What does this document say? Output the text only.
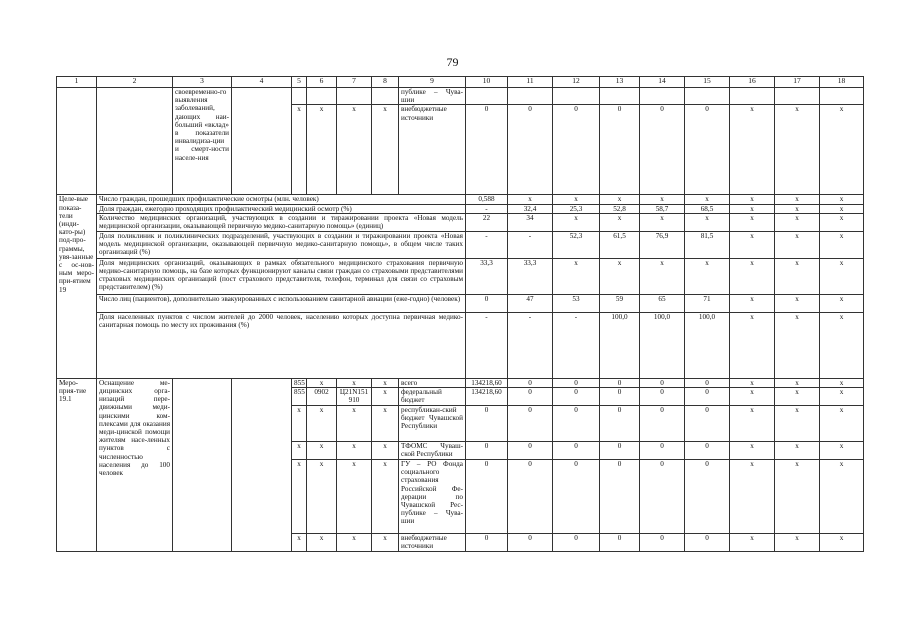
79
1	2	3	4	5	6	7	8	9	10	11	12	13	14	15	16	17	18
		своевременно-го выявления заболеваний, дающих наи-больший «вклад» в показатели инвалидиза-ции и смерт-ности населе-ния						публике – Чува-шии									
				x	x	x	x	внебюджетные источники	0	0	0	0	0	0	x	x	x
Целе-вые показа-тели (инди-като-ры) под-про-граммы, увя-занные с ос-нов-ным меро-при-ятием 19	Число граждан, прошедших профилактические осмотры (млн. человек)								0,588	x	x	x	x	x	x	x	x
	Доля граждан, ежегодно проходящих профилактический медицинский осмотр (%)								-	32,4	25,3	52,8	58,7	68,5	x	x	x
	Количество медицинских организаций, участвующих в создании и тиражировании проекта «Новая модель медицинской организации, оказывающей первичную медико-санитарную помощь» (единиц)								22	34	x	x	x	x	x	x	x
	Доля поликлиник и поликлинических подразделений, участвующих в создании и тиражировании проекта «Новая модель медицинской организации, оказывающей первичную медико-санитарную помощь», в общем числе таких организаций (%)								-	-	52,3	61,5	76,9	81,5	x	x	x
	Доля медицинских организаций, оказывающих в рамках обязательного медицинского страхования первичную медико-санитарную помощь, на базе которых функционируют каналы связи граждан со страховыми представителями страховых медицинских организаций (пост страхового представителя, телефон, терминал для связи со страховым представителем) (%)								33,3	33,3	x	x	x	x	x	x	x
	Число лиц (пациентов), дополнительно эвакуированных с использованием санитарной авиации (еже-годно) (человек)								0	47	53	59	65	71	x	x	x
	Доля населенных пунктов с числом жителей до 2000 человек, населению которых доступна первичная медико-санитарная помощь по месту их проживания (%)								-	-	-	100,0	100,0	100,0	x	x	x
Меро-прия-тие 19.1	Оснащение ме-дицинских орга-низаций пере-движными меди-цинскими ком-плексами для оказания меди-цинской помощи жителям насе-ленных пунктов с численностью населения до 100 человек			855	x	x	x	всего	134218,60	0	0	0	0	0	x	x	x
				855	0902	Ц21N151 910	x	федеральный бюджет	134218,60	0	0	0	0	0	x	x	x
				x	x	x	x	республикан-ский бюджет Чувашской Республики	0	0	0	0	0	0	x	x	x
				x	x	x	x	ТФОМС Чуваш-ской Республики	0	0	0	0	0	0	x	x	x
				x	x	x	x	ГУ – РО Фонда социального страхования Российской Фе-дерации по Чувашской Рес-публике – Чува-шии	0	0	0	0	0	0	x	x	x
				x	x	x	x	внебюджетные источники	0	0	0	0	0	0	x	x	x
